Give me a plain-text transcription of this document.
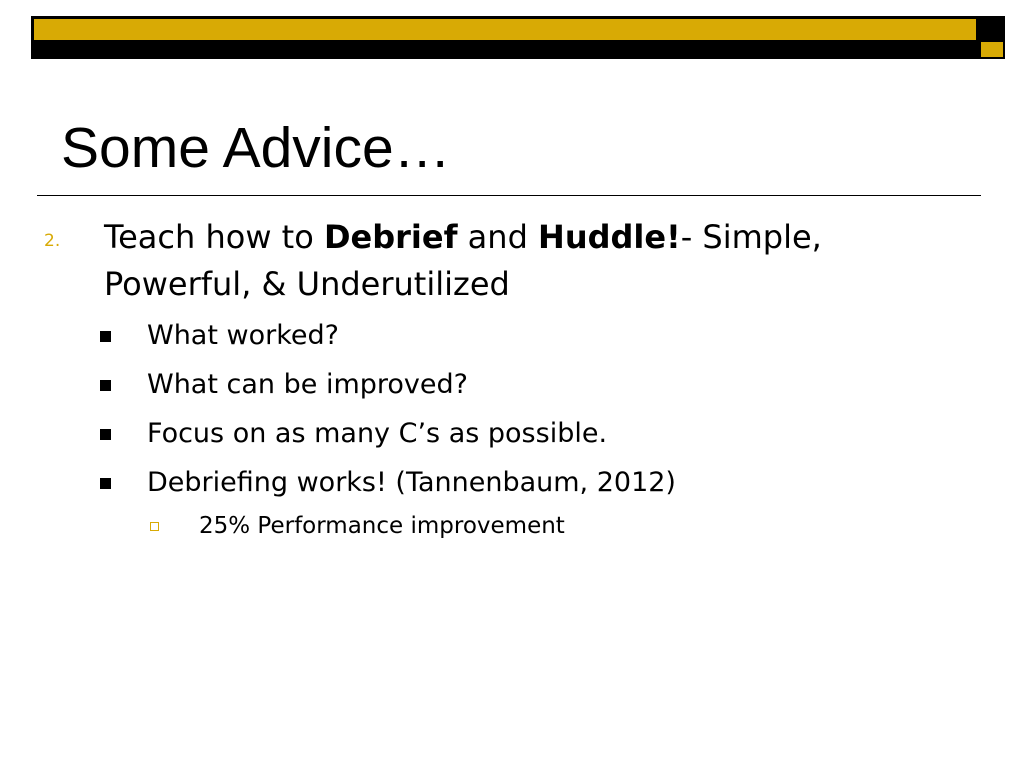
Some Advice…
2. Teach how to Debrief and Huddle!- Simple, Powerful, & Underutilized
What worked?
What can be improved?
Focus on as many C’s as possible.
Debriefing works! (Tannenbaum, 2012)
25% Performance improvement
